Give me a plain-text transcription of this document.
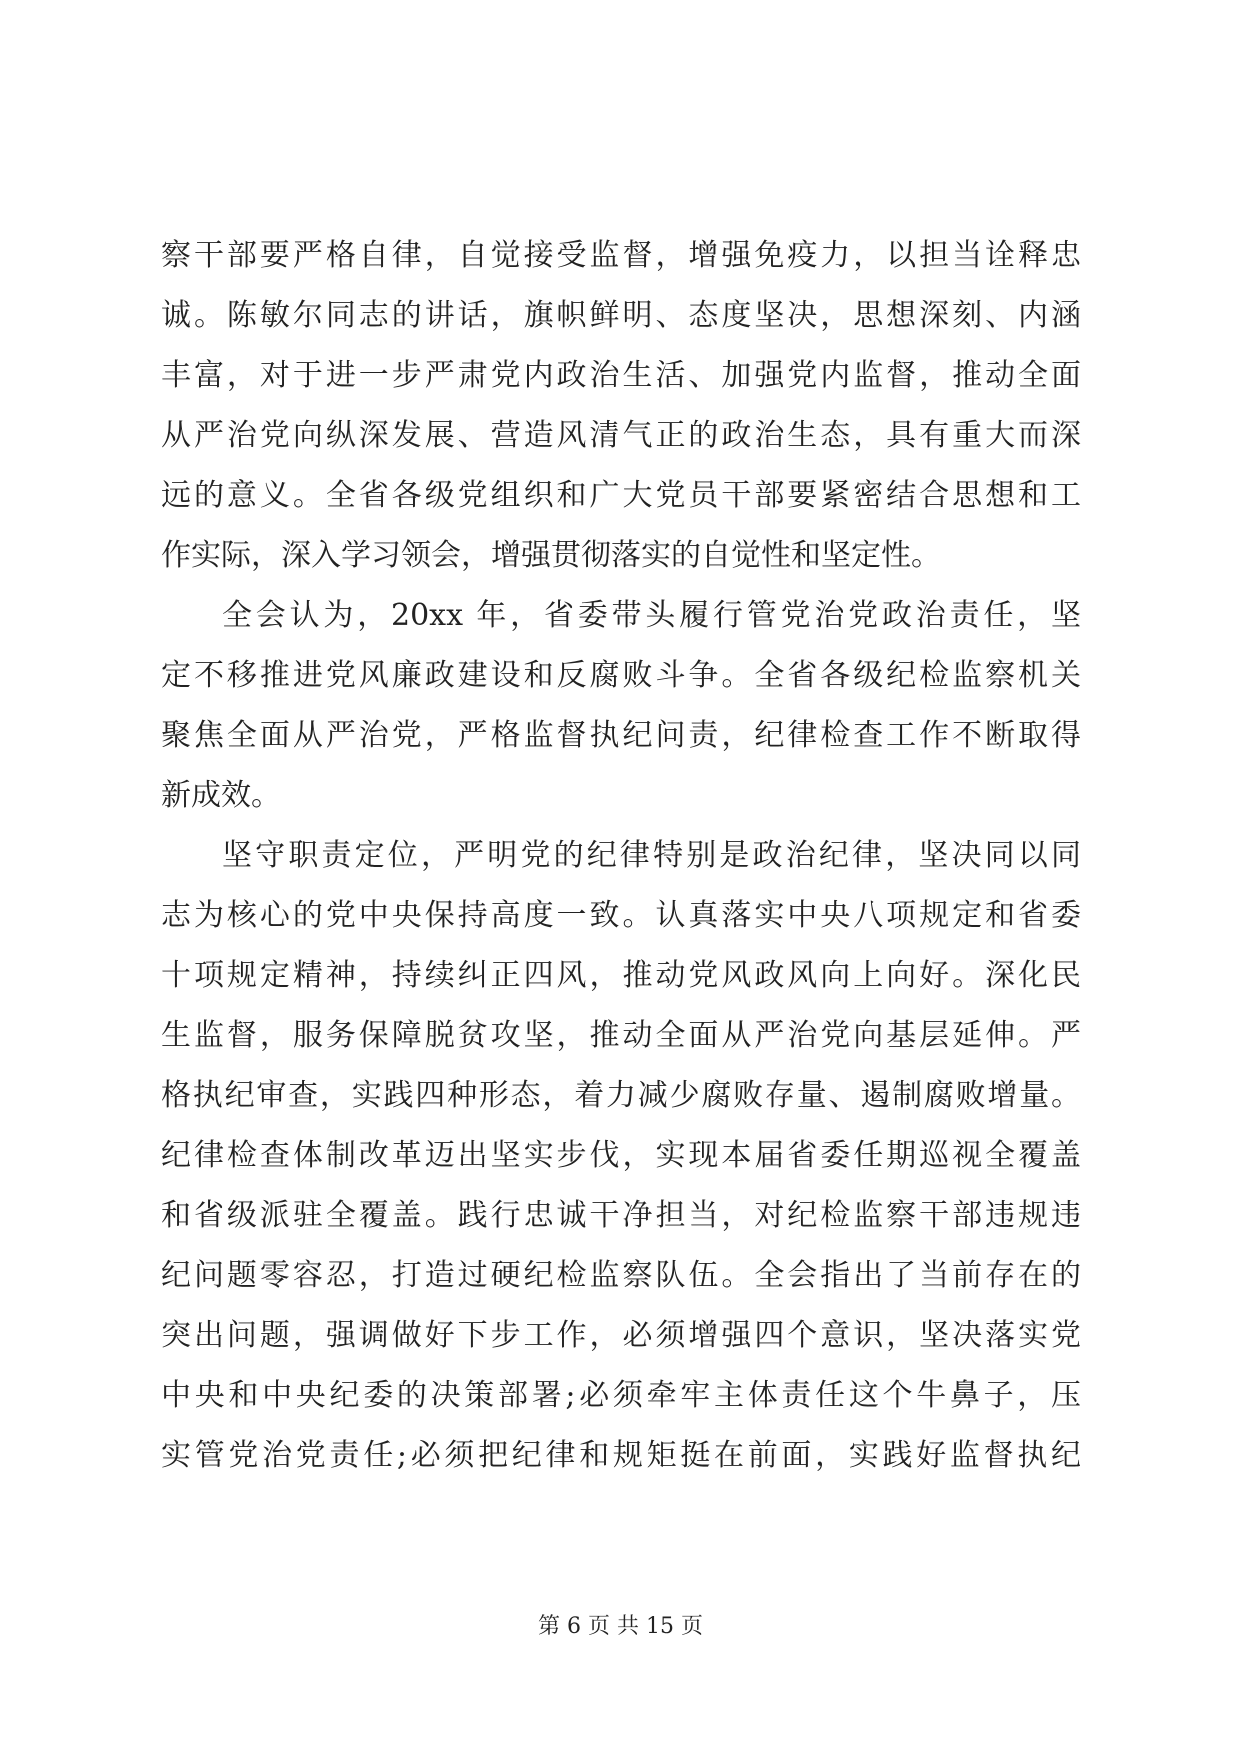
察干部要严格自律，自觉接受监督，增强免疫力，以担当诠释忠
诚。陈敏尔同志的讲话，旗帜鲜明、态度坚决，思想深刻、内涵
丰富，对于进一步严肃党内政治生活、加强党内监督，推动全面
从严治党向纵深发展、营造风清气正的政治生态，具有重大而深
远的意义。全省各级党组织和广大党员干部要紧密结合思想和工
作实际，深入学习领会，增强贯彻落实的自觉性和坚定性。
全会认为，20xx 年，省委带头履行管党治党政治责任，坚
定不移推进党风廉政建设和反腐败斗争。全省各级纪检监察机关
聚焦全面从严治党，严格监督执纪问责，纪律检查工作不断取得
新成效。
坚守职责定位，严明党的纪律特别是政治纪律，坚决同以同
志为核心的党中央保持高度一致。认真落实中央八项规定和省委
十项规定精神，持续纠正四风，推动党风政风向上向好。深化民
生监督，服务保障脱贫攻坚，推动全面从严治党向基层延伸。严
格执纪审查，实践四种形态，着力减少腐败存量、遏制腐败增量。
纪律检查体制改革迈出坚实步伐，实现本届省委任期巡视全覆盖
和省级派驻全覆盖。践行忠诚干净担当，对纪检监察干部违规违
纪问题零容忍，打造过硬纪检监察队伍。全会指出了当前存在的
突出问题，强调做好下步工作，必须增强四个意识，坚决落实党
中央和中央纪委的决策部署;必须牵牢主体责任这个牛鼻子，压
实管党治党责任;必须把纪律和规矩挺在前面，实践好监督执纪
第 6 页 共 15 页
